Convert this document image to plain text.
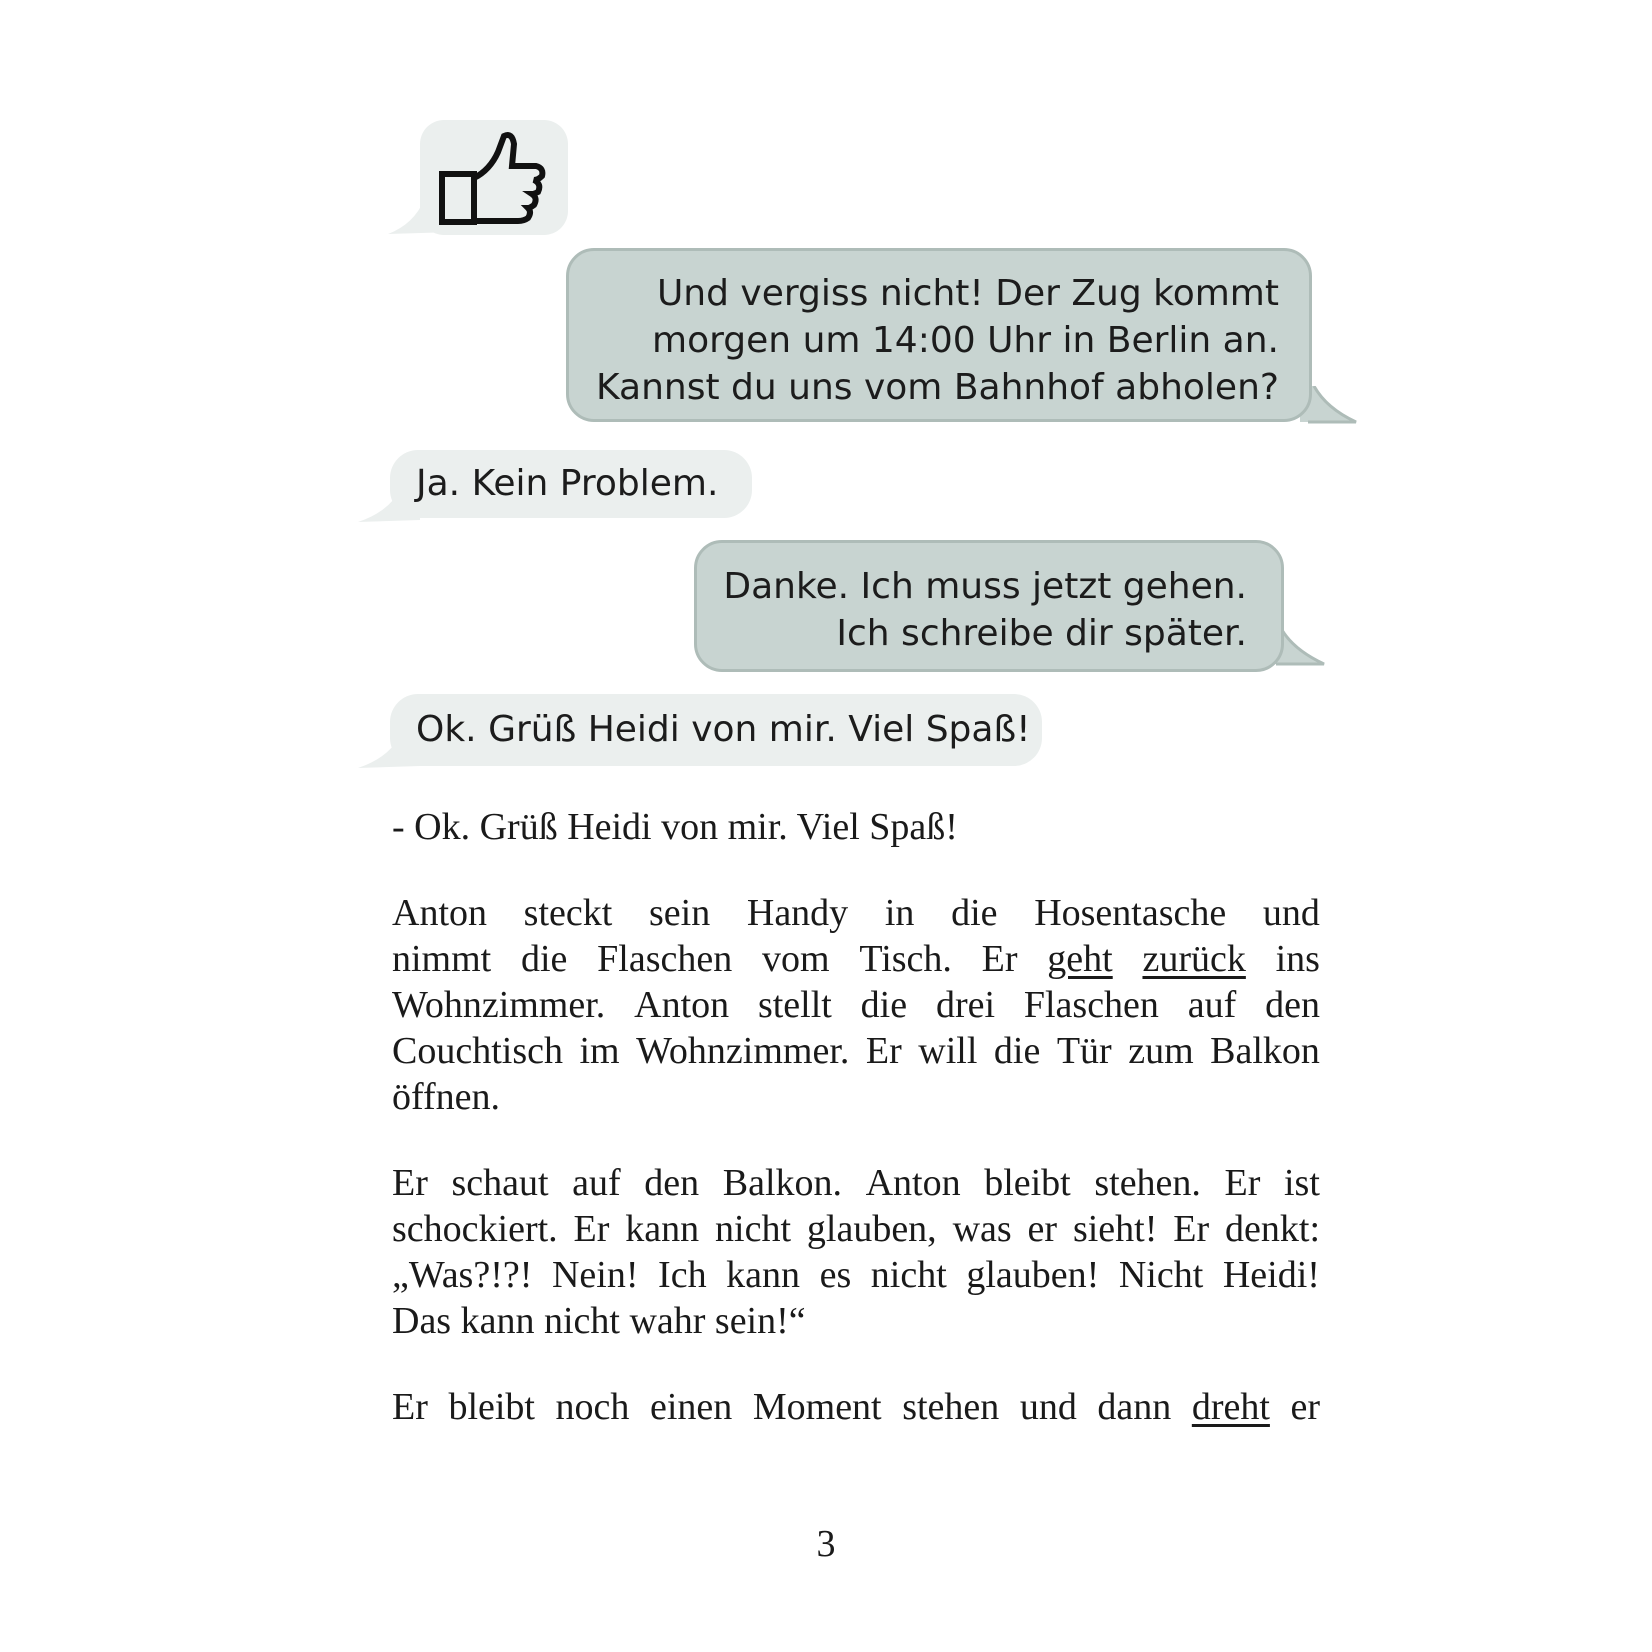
Und vergiss nicht! Der Zug kommt
morgen um 14:00 Uhr in Berlin an.
Kannst du uns vom Bahnhof abholen?
Ja. Kein Problem.
Danke. Ich muss jetzt gehen.
Ich schreibe dir später.
Ok. Grüß Heidi von mir. Viel Spaß!
- Ok. Grüß Heidi von mir. Viel Spaß!
Anton steckt sein Handy in die Hosentasche und
nimmt die Flaschen vom Tisch. Er geht zurück ins
Wohnzimmer. Anton stellt die drei Flaschen auf den
Couchtisch im Wohnzimmer. Er will die Tür zum Balkon
öffnen.
Er schaut auf den Balkon. Anton bleibt stehen. Er ist
schockiert. Er kann nicht glauben, was er sieht! Er denkt:
„Was?!?! Nein! Ich kann es nicht glauben! Nicht Heidi!
Das kann nicht wahr sein!“
Er bleibt noch einen Moment stehen und dann dreht er
3
